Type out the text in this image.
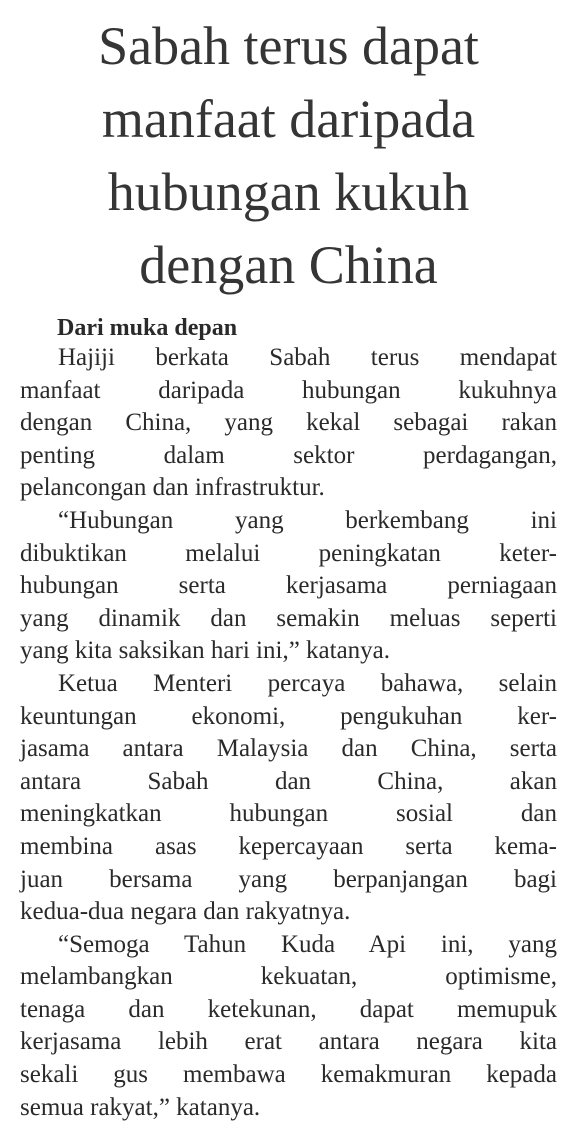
Sabah terus dapat
manfaat daripada
hubungan kukuh
dengan China
Dari muka depan
Hajiji berkata Sabah terus mendapat
manfaat daripada hubungan kukuhnya
dengan China, yang kekal sebagai rakan
penting dalam sektor perdagangan,
pelancongan dan infrastruktur.
“Hubungan yang berkembang ini
dibuktikan melalui peningkatan keter-
hubungan serta kerjasama perniagaan
yang dinamik dan semakin meluas seperti
yang kita saksikan hari ini,” katanya.
Ketua Menteri percaya bahawa, selain
keuntungan ekonomi, pengukuhan ker-
jasama antara Malaysia dan China, serta
antara Sabah dan China, akan
meningkatkan hubungan sosial dan
membina asas kepercayaan serta kema-
juan bersama yang berpanjangan bagi
kedua-dua negara dan rakyatnya.
“Semoga Tahun Kuda Api ini, yang
melambangkan kekuatan, optimisme,
tenaga dan ketekunan, dapat memupuk
kerjasama lebih erat antara negara kita
sekali gus membawa kemakmuran kepada
semua rakyat,” katanya.
